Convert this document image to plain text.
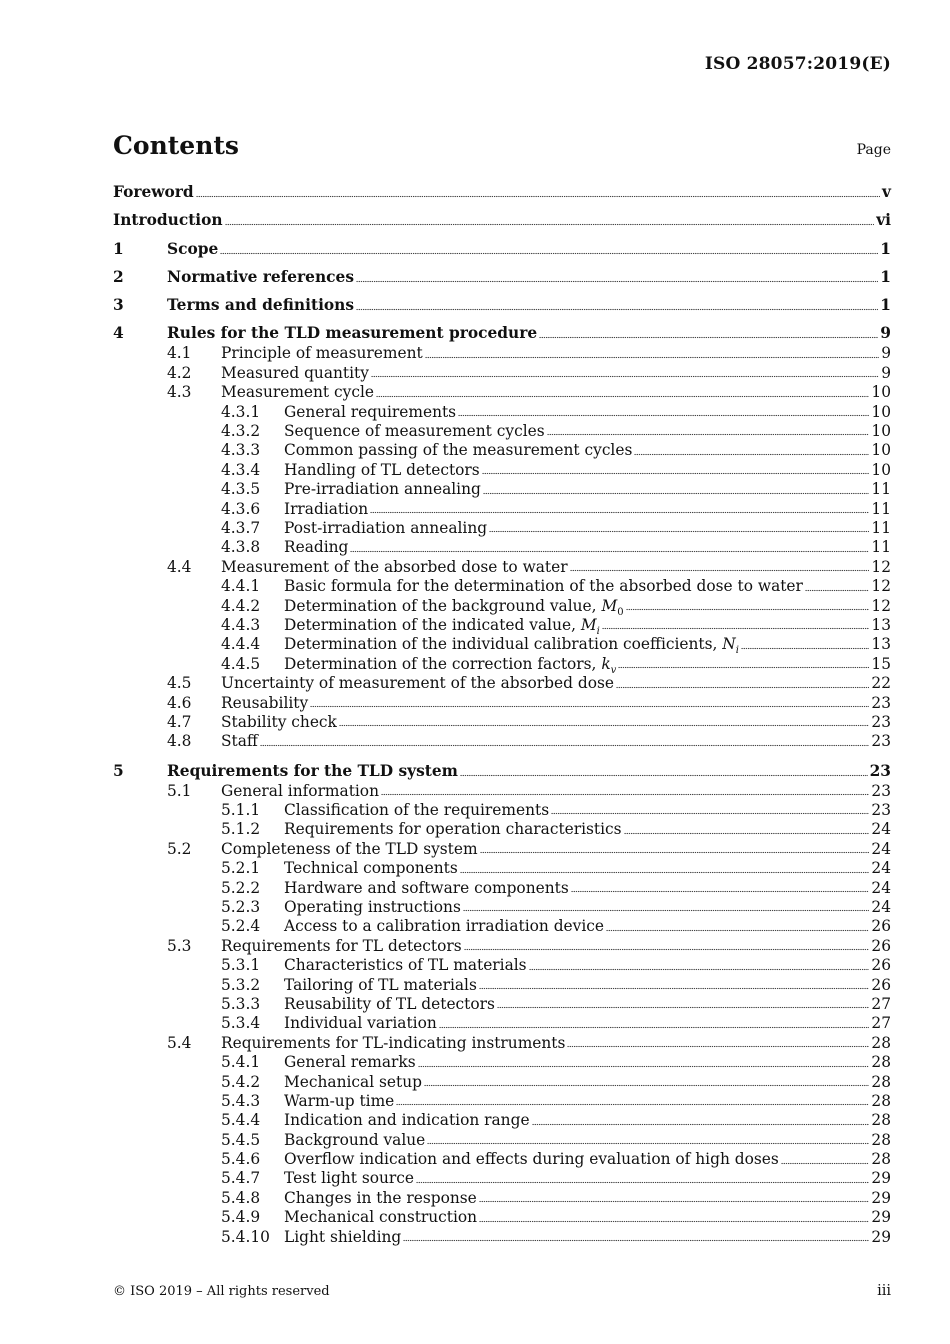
ISO 28057:2019(E)
Contents	Page
Foreword	v
Introduction	vi
1	Scope	1
2	Normative references	1
3	Terms and definitions	1
4	Rules for the TLD measurement procedure	9
4.1	Principle of measurement	9
4.2	Measured quantity	9
4.3	Measurement cycle	10
4.3.1	General requirements	10
4.3.2	Sequence of measurement cycles	10
4.3.3	Common passing of the measurement cycles	10
4.3.4	Handling of TL detectors	10
4.3.5	Pre-irradiation annealing	11
4.3.6	Irradiation	11
4.3.7	Post-irradiation annealing	11
4.3.8	Reading	11
4.4	Measurement of the absorbed dose to water	12
4.4.1	Basic formula for the determination of the absorbed dose to water	12
4.4.2	Determination of the background value, $M_0$	12
4.4.3	Determination of the indicated value, $M_i$	13
4.4.4	Determination of the individual calibration coefficients, $N_i$	13
4.4.5	Determination of the correction factors, $k_v$	15
4.5	Uncertainty of measurement of the absorbed dose	22
4.6	Reusability	23
4.7	Stability check	23
4.8	Staff	23
5	Requirements for the TLD system	23
5.1	General information	23
5.1.1	Classification of the requirements	23
5.1.2	Requirements for operation characteristics	24
5.2	Completeness of the TLD system	24
5.2.1	Technical components	24
5.2.2	Hardware and software components	24
5.2.3	Operating instructions	24
5.2.4	Access to a calibration irradiation device	26
5.3	Requirements for TL detectors	26
5.3.1	Characteristics of TL materials	26
5.3.2	Tailoring of TL materials	26
5.3.3	Reusability of TL detectors	27
5.3.4	Individual variation	27
5.4	Requirements for TL-indicating instruments	28
5.4.1	General remarks	28
5.4.2	Mechanical setup	28
5.4.3	Warm-up time	28
5.4.4	Indication and indication range	28
5.4.5	Background value	28
5.4.6	Overflow indication and effects during evaluation of high doses	28
5.4.7	Test light source	29
5.4.8	Changes in the response	29
5.4.9	Mechanical construction	29
5.4.10 Light shielding	29
© ISO 2019 – All rights reserved	iii
